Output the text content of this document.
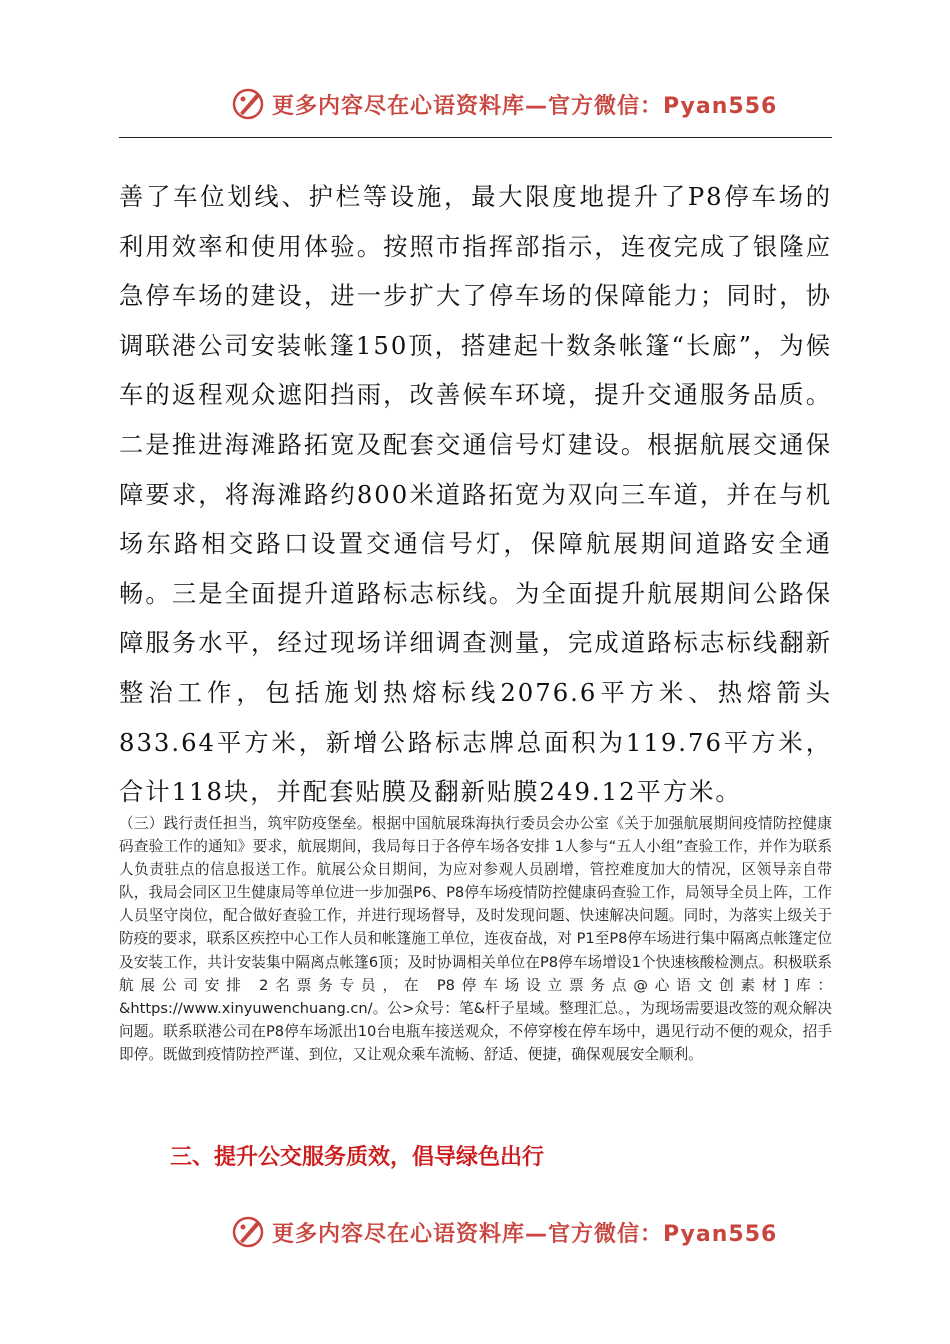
更多内容尽在心语资料库—官方微信：Pyan556

善了车位划线、护栏等设施，最大限度地提升了P8停车场的利用效率和使用体验。按照市指挥部指示，连夜完成了银隆应急停车场的建设，进一步扩大了停车场的保障能力；同时，协调联港公司安装帐篷150顶，搭建起十数条帐篷“长廊”，为候车的返程观众遮阳挡雨，改善候车环境，提升交通服务品质。二是推进海滩路拓宽及配套交通信号灯建设。根据航展交通保障要求，将海滩路约800米道路拓宽为双向三车道，并在与机场东路相交路口设置交通信号灯，保障航展期间道路安全通畅。三是全面提升道路标志标线。为全面提升航展期间公路保障服务水平，经过现场详细调查测量，完成道路标志标线翻新整治工作，包括施划热熔标线2076.6平方米、热熔箭头833.64平方米，新增公路标志牌总面积为119.76平方米，合计118块，并配套贴膜及翻新贴膜249.12平方米。

（三）践行责任担当，筑牢防疫堡垒。根据中国航展珠海执行委员会办公室《关于加强航展期间疫情防控健康码查验工作的通知》要求，航展期间，我局每日于各停车场各安排 1人参与“五人小组”查验工作，并作为联系人负责驻点的信息报送工作。航展公众日期间，为应对参观人员剧增，管控难度加大的情况，区领导亲自带队，我局会同区卫生健康局等单位进一步加强P6、P8停车场疫情防控健康码查验工作，局领导全员上阵，工作人员坚守岗位，配合做好查验工作，并进行现场督导，及时发现问题、快速解决问题。同时，为落实上级关于防疫的要求，联系区疾控中心工作人员和帐篷施工单位，连夜奋战，对 P1至P8停车场进行集中隔离点帐篷定位及安装工作，共计安装集中隔离点帐篷6顶；及时协调相关单位在P8停车场增设1个快速核酸检测点。积极联系航展公司安排 2名票务专员，在 P8停车场设立票务点@心语文创素材]库：&https://www.xinyuwenchuang.cn/。公>众号：笔&杆子星域。整理汇总。，为现场需要退改签的观众解决问题。联系联港公司在P8停车场派出10台电瓶车接送观众，不停穿梭在停车场中，遇见行动不便的观众，招手即停。既做到疫情防控严谨、到位，又让观众乘车流畅、舒适、便捷，确保观展安全顺利。

三、提升公交服务质效，倡导绿色出行
更多内容尽在心语资料库—官方微信：Pyan556
